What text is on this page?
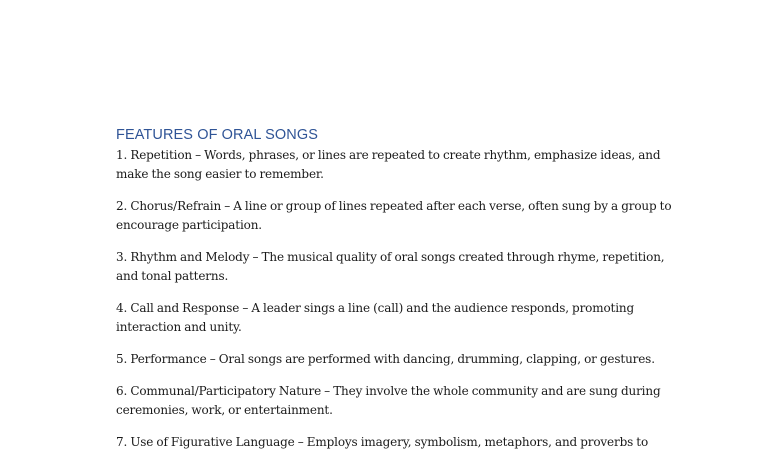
FEATURES OF ORAL SONGS

1. Repetition – Words, phrases, or lines are repeated to create rhythm, emphasize ideas, and make the song easier to remember.

2. Chorus/Refrain – A line or group of lines repeated after each verse, often sung by a group to encourage participation.

3. Rhythm and Melody – The musical quality of oral songs created through rhyme, repetition, and tonal patterns.

4. Call and Response – A leader sings a line (call) and the audience responds, promoting interaction and unity.

5. Performance – Oral songs are performed with dancing, drumming, clapping, or gestures.

6. Communal/Participatory Nature – They involve the whole community and are sung during ceremonies, work, or entertainment.

7. Use of Figurative Language – Employs imagery, symbolism, metaphors, and proverbs to
